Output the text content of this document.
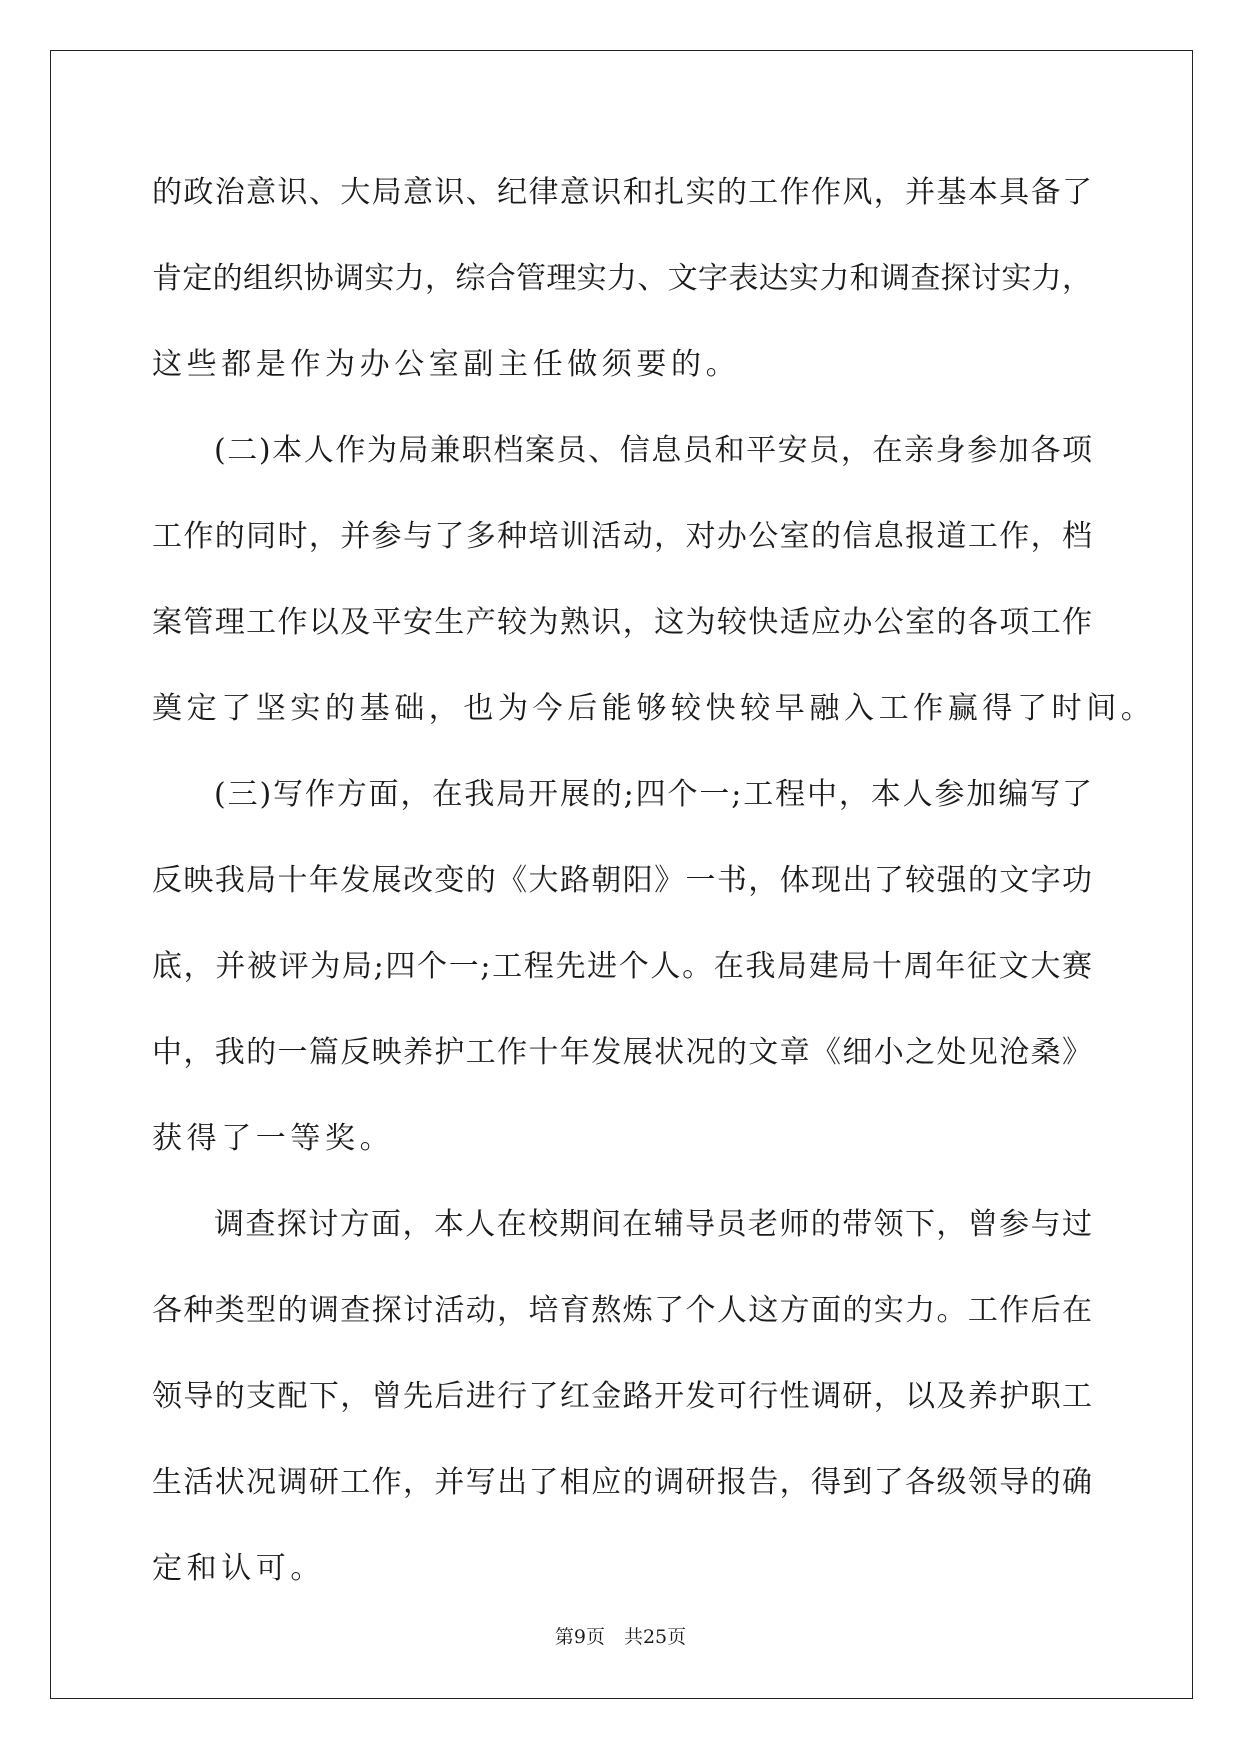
的政治意识、大局意识、纪律意识和扎实的工作作风，并基本具备了

肯定的组织协调实力，综合管理实力、文字表达实力和调查探讨实力，

这些都是作为办公室副主任做须要的。

(二)本人作为局兼职档案员、信息员和平安员，在亲身参加各项

工作的同时，并参与了多种培训活动，对办公室的信息报道工作，档

案管理工作以及平安生产较为熟识，这为较快适应办公室的各项工作

奠定了坚实的基础，也为今后能够较快较早融入工作赢得了时间。

(三)写作方面，在我局开展的;四个一;工程中，本人参加编写了

反映我局十年发展改变的《大路朝阳》一书，体现出了较强的文字功

底，并被评为局;四个一;工程先进个人。在我局建局十周年征文大赛

中，我的一篇反映养护工作十年发展状况的文章《细小之处见沧桑》

获得了一等奖。

调查探讨方面，本人在校期间在辅导员老师的带领下，曾参与过

各种类型的调查探讨活动，培育熬炼了个人这方面的实力。工作后在

领导的支配下，曾先后进行了红金路开发可行性调研，以及养护职工

生活状况调研工作，并写出了相应的调研报告，得到了各级领导的确

定和认可。

第9页　共25页
